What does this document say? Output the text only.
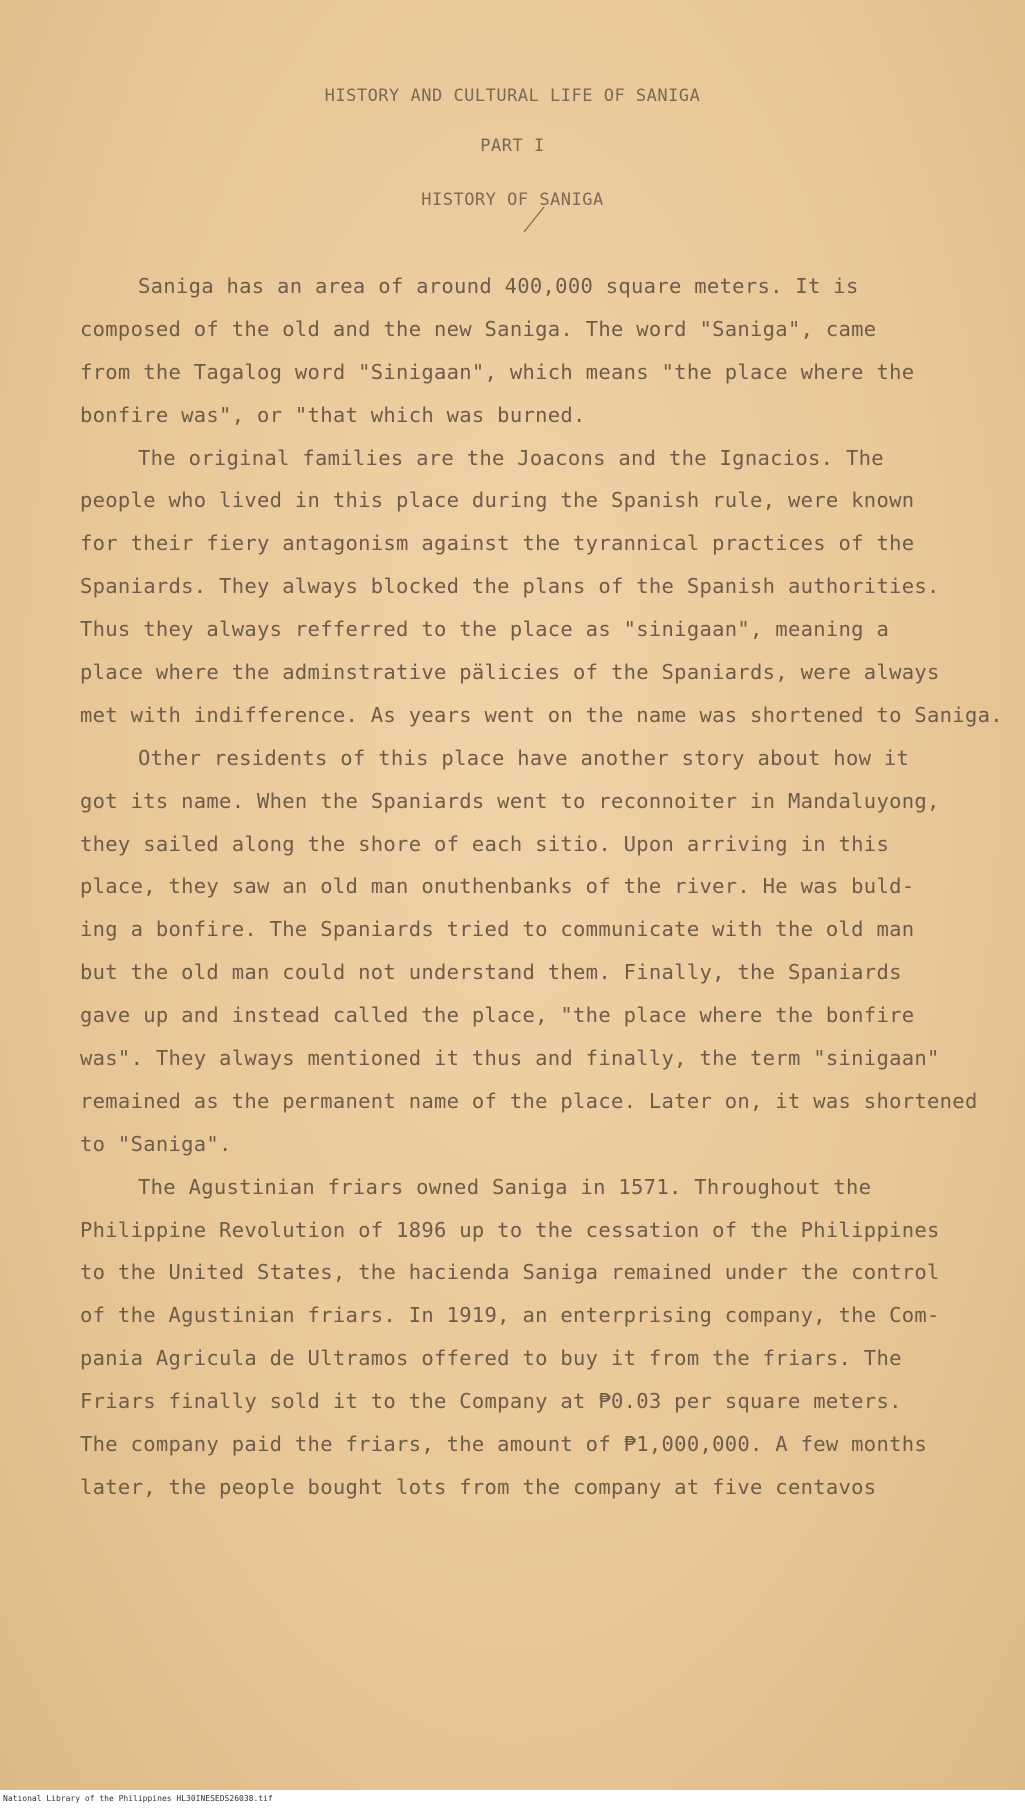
HISTORY AND CULTURAL LIFE OF SANIGA
PART I
HISTORY OF SANIGA
Saniga has an area of around 400,000 square meters. It is
composed of the old and the new Saniga. The word "Saniga", came
from the Tagalog word "Sinigaan", which means "the place where the
bonfire was", or "that which was burned.
The original families are the Joacons and the Ignacios. The
people who lived in this place during the Spanish rule, were known
for their fiery antagonism against the tyrannical practices of the
Spaniards. They always blocked the plans of the Spanish authorities.
Thus they always refferred to the place as "sinigaan", meaning a
place where the adminstrative pälicies of the Spaniards, were always
met with indifference. As years went on the name was shortened to Saniga.
Other residents of this place have another story about how it
got its name. When the Spaniards went to reconnoiter in Mandaluyong,
they sailed along the shore of each sitio. Upon arriving in this
place, they saw an old man onuthenbanks of the river. He was buld-
ing a bonfire. The Spaniards tried to communicate with the old man
but the old man could not understand them. Finally, the Spaniards
gave up and instead called the place, "the place where the bonfire
was". They always mentioned it thus and finally, the term "sinigaan"
remained as the permanent name of the place. Later on, it was shortened
to "Saniga".
The Agustinian friars owned Saniga in 1571. Throughout the
Philippine Revolution of 1896 up to the cessation of the Philippines
to the United States, the hacienda Saniga remained under the control
of the Agustinian friars. In 1919, an enterprising company, the Com-
pania Agricula de Ultramos offered to buy it from the friars. The
Friars finally sold it to the Company at ₱0.03 per square meters.
The company paid the friars, the amount of ₱1,000,000. A few months
later, the people bought lots from the company at five centavos
National Library of the Philippines HL30INESEDS26038.tif
